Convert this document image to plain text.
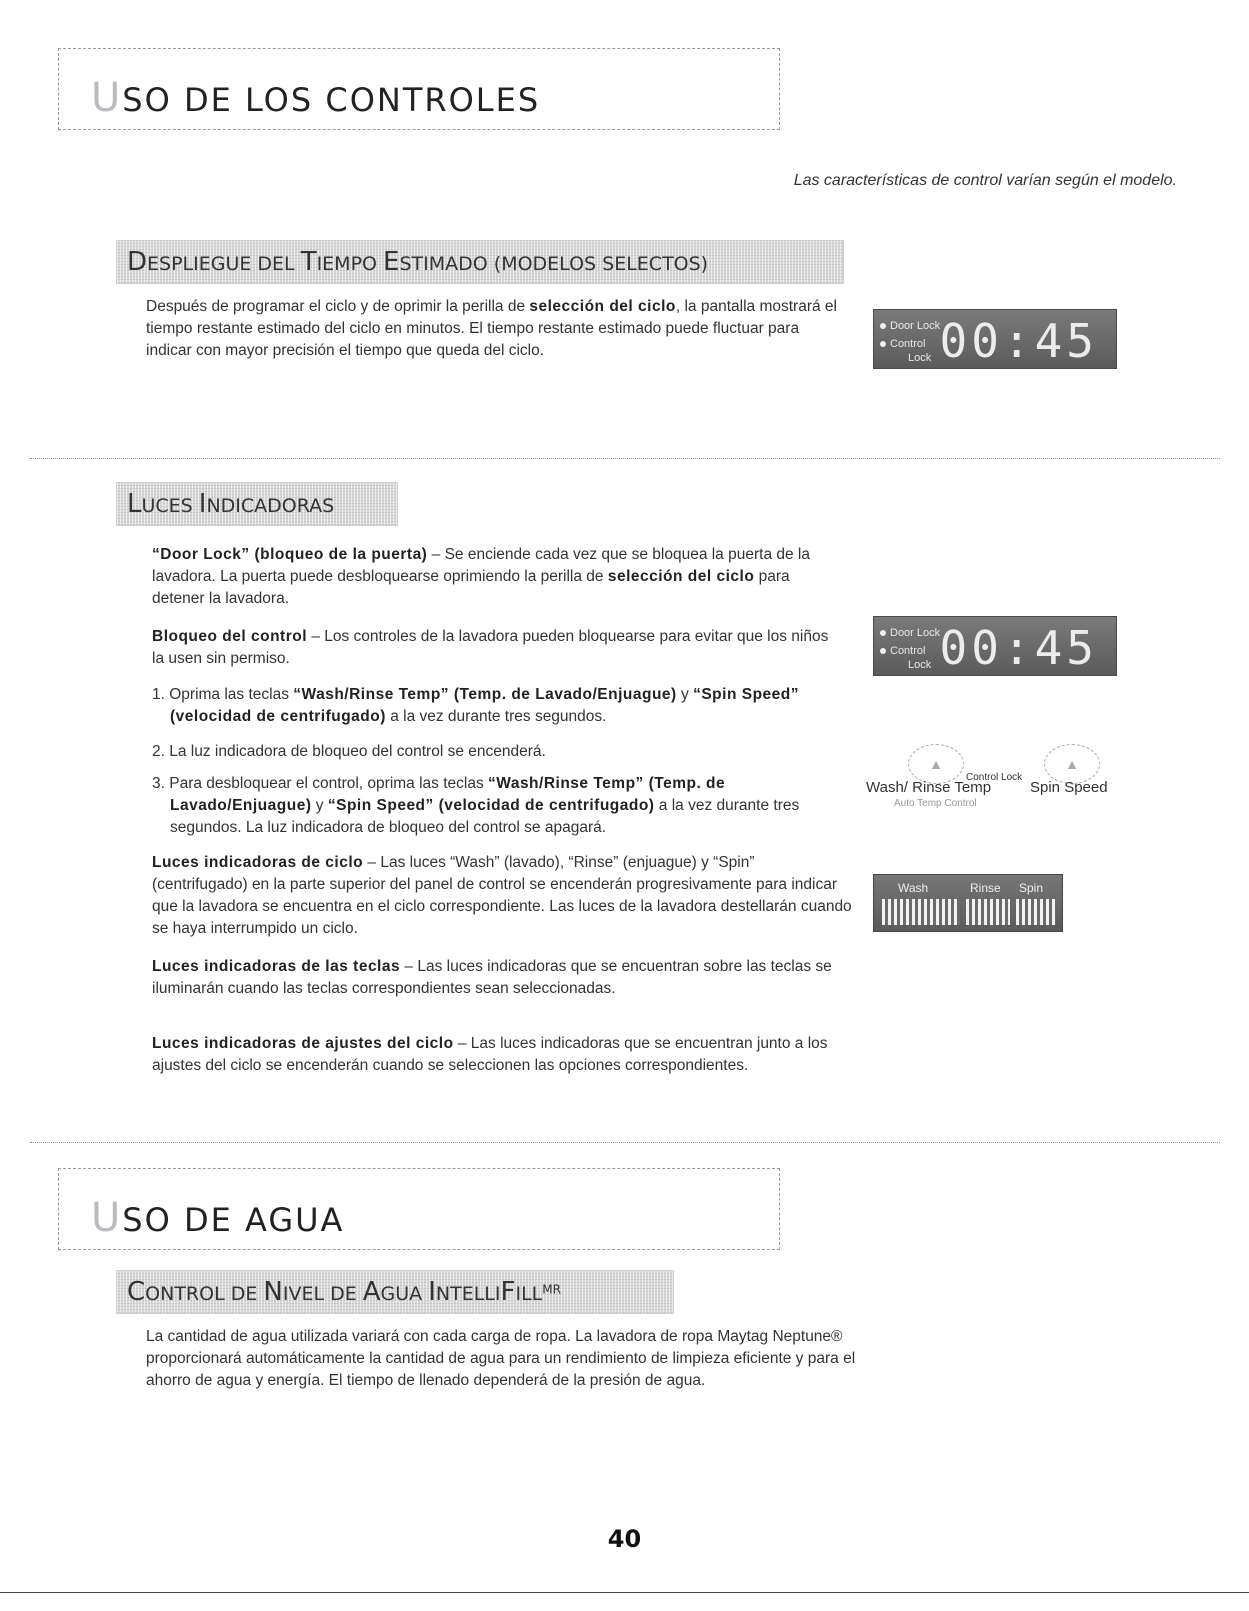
USO DE LOS CONTROLES
Las características de control varían según el modelo.
DESPLIEGUE DEL TIEMPO ESTIMADO (MODELOS SELECTOS)
Después de programar el ciclo y de oprimir la perilla de selección del ciclo, la pantalla mostrará el tiempo restante estimado del ciclo en minutos. El tiempo restante estimado puede fluctuar para indicar con mayor precisión el tiempo que queda del ciclo.
Door Lock
Control
Lock 00:45
LUCES INDICADORAS
“Door Lock” (bloqueo de la puerta) – Se enciende cada vez que se bloquea la puerta de la lavadora. La puerta puede desbloquearse oprimiendo la perilla de selección del ciclo para detener la lavadora.
Bloqueo del control – Los controles de la lavadora pueden bloquearse para evitar que los niños la usen sin permiso.
1. Oprima las teclas “Wash/Rinse Temp” (Temp. de Lavado/Enjuague) y “Spin Speed” (velocidad de centrifugado) a la vez durante tres segundos.
2. La luz indicadora de bloqueo del control se encenderá.
3. Para desbloquear el control, oprima las teclas “Wash/Rinse Temp” (Temp. de Lavado/Enjuague) y “Spin Speed” (velocidad de centrifugado) a la vez durante tres segundos. La luz indicadora de bloqueo del control se apagará.
Luces indicadoras de ciclo – Las luces “Wash” (lavado), “Rinse” (enjuague) y “Spin” (centrifugado) en la parte superior del panel de control se encenderán progresivamente para indicar que la lavadora se encuentra en el ciclo correspondiente. Las luces de la lavadora destellarán cuando se haya interrumpido un ciclo.
Luces indicadoras de las teclas – Las luces indicadoras que se encuentran sobre las teclas se iluminarán cuando las teclas correspondientes sean seleccionadas.
Luces indicadoras de ajustes del ciclo – Las luces indicadoras que se encuentran junto a los ajustes del ciclo se encenderán cuando se seleccionen las opciones correspondientes.
Door Lock
Control
Lock 00:45
▲	▲
Control Lock
Wash/ Rinse Temp	Spin Speed
Auto Temp Control
Wash	Rinse Spin
USO DE AGUA
CONTROL DE NIVEL DE AGUA $INTELLIFILL^{MR}$
La cantidad de agua utilizada variará con cada carga de ropa. La lavadora de ropa Maytag Neptune® proporcionará automáticamente la cantidad de agua para un rendimiento de limpieza eficiente y para el ahorro de agua y energía. El tiempo de llenado dependerá de la presión de agua.
40
